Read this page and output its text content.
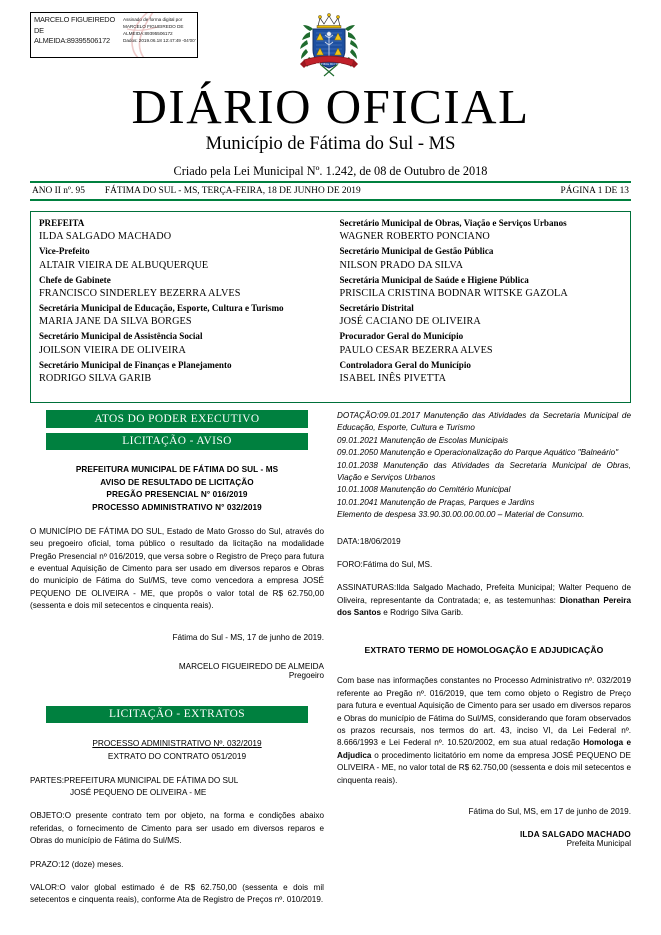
MARCELO FIGUEIREDO
DE
ALMEIDA:89395506172
Assinado de forma digital por
MARCELO FIGUEIREDO DE
ALMEIDA:89395506172
Dados: 2019.06.18 12:47:49 -04'00'
FÁTIMA DO SUL
DIÁRIO OFICIAL
Município de Fátima do Sul - MS
Criado pela Lei Municipal Nº. 1.242, de 08 de Outubro de 2018
ANO II nº. 95 FÁTIMA DO SUL - MS, TERÇA-FEIRA, 18 DE JUNHO DE 2019	PÁGINA 1 DE 13
PREFEITA
ILDA SALGADO MACHADO
Vice-Prefeito
ALTAIR VIEIRA DE ALBUQUERQUE
Chefe de Gabinete
FRANCISCO SINDERLEY BEZERRA ALVES
Secretária Municipal de Educação, Esporte, Cultura e Turismo
MARIA JANE DA SILVA BORGES
Secretário Municipal de Assistência Social
JOILSON VIEIRA DE OLIVEIRA
Secretário Municipal de Finanças e Planejamento
RODRIGO SILVA GARIB
Secretário Municipal de Obras, Viação e Serviços Urbanos
WAGNER ROBERTO PONCIANO
Secretário Municipal de Gestão Pública
NILSON PRADO DA SILVA
Secretária Municipal de Saúde e Higiene Pública
PRISCILA CRISTINA BODNAR WITSKE GAZOLA
Secretário Distrital
JOSÉ CACIANO DE OLIVEIRA
Procurador Geral do Município
PAULO CESAR BEZERRA ALVES
Controladora Geral do Município
ISABEL INÊS PIVETTA
ATOS DO PODER EXECUTIVO
LICITAÇÃO - AVISO
PREFEITURA MUNICIPAL DE FÁTIMA DO SUL - MS
AVISO DE RESULTADO DE LICITAÇÃO
PREGÃO PRESENCIAL N° 016/2019
PROCESSO ADMINISTRATIVO N° 032/2019
O MUNICÍPIO DE FÁTIMA DO SUL, Estado de Mato Grosso do Sul, através do seu pregoeiro oficial, toma público o resultado da licitação na modalidade Pregão Presencial nº 016/2019, que versa sobre o Registro de Preço para futura e eventual Aquisição de Cimento para ser usado em diversos reparos e Obras do município de Fátima do Sul/MS, teve como vencedora a empresa JOSÉ PEQUENO DE OLIVEIRA - ME, que propôs o valor total de R$ 62.750,00 (sessenta e dois mil setecentos e cinquenta reais).
Fátima do Sul - MS, 17 de junho de 2019.
MARCELO FIGUEIREDO DE ALMEIDA
Pregoeiro
LICITAÇÃO - EXTRATOS
PROCESSO ADMINISTRATIVO Nº. 032/2019
EXTRATO DO CONTRATO 051/2019
PARTES:PREFEITURA MUNICIPAL DE FÁTIMA DO SUL
JOSÉ PEQUENO DE OLIVEIRA - ME
OBJETO:O presente contrato tem por objeto, na forma e condições abaixo referidas, o fornecimento de Cimento para ser usado em diversos reparos e Obras do município de Fátima do Sul/MS.
PRAZO:12 (doze) meses.
VALOR:O valor global estimado é de R$ 62.750,00 (sessenta e dois mil setecentos e cinquenta reais), conforme Ata de Registro de Preços nº. 010/2019.
DOTAÇÃO:09.01.2017 Manutenção das Atividades da Secretaria Municipal de Educação, Esporte, Cultura e Turismo
09.01.2021 Manutenção de Escolas Municipais
09.01.2050 Manutenção e Operacionalização do Parque Aquático "Balneário"
10.01.2038 Manutenção das Atividades da Secretaria Municipal de Obras, Viação e Serviços Urbanos
10.01.1008 Manutenção do Cemitério Municipal
10.01.2041 Manutenção de Praças, Parques e Jardins
Elemento de despesa 33.90.30.00.00.00.00 – Material de Consumo.
DATA:18/06/2019
FORO:Fátima do Sul, MS.
ASSINATURAS:Ilda Salgado Machado, Prefeita Municipal; Walter Pequeno de Oliveira, representante da Contratada; e, as testemunhas: Dionathan Pereira dos Santos e Rodrigo Silva Garib.
EXTRATO TERMO DE HOMOLOGAÇÃO E ADJUDICAÇÃO
Com base nas informações constantes no Processo Administrativo nº. 032/2019 referente ao Pregão nº. 016/2019, que tem como objeto o Registro de Preço para futura e eventual Aquisição de Cimento para ser usado em diversos reparos e Obras do município de Fátima do Sul/MS, considerando que foram observados os prazos recursais, nos termos do art. 43, inciso VI, da Lei Federal nº. 8.666/1993 e Lei Federal nº. 10.520/2002, em sua atual redação Homologa e Adjudica o procedimento licitatório em nome da empresa JOSÉ PEQUENO DE OLIVEIRA - ME, no valor total de R$ 62.750,00 (sessenta e dois mil setecentos e cinquenta reais).
Fátima do Sul, MS, em 17 de junho de 2019.
ILDA SALGADO MACHADO
Prefeita Municipal
